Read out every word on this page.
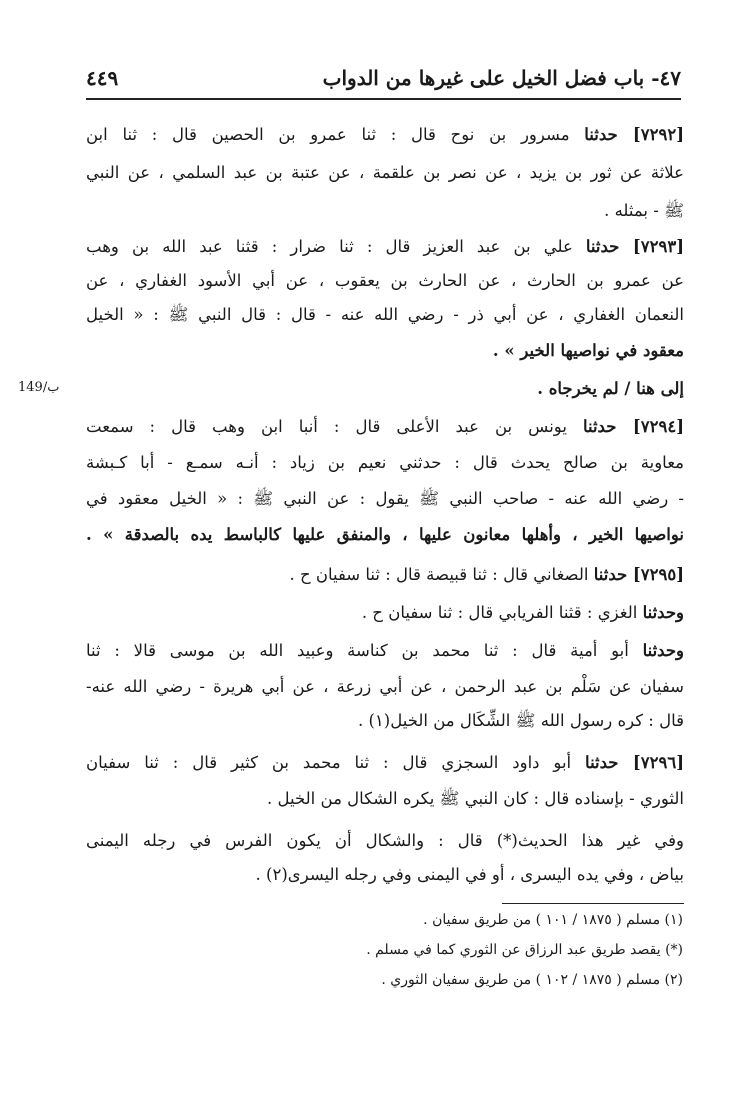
٤٧- باب فضل الخيل على غيرها من الدواب
٤٤٩
[٧٢٩٢] حدثنا مسرور بن نوح قال : ثنا عمرو بن الحصين قال : ثنا ابن
علاثة عن ثور بن يزيد ، عن نصر بن علقمة ، عن عتبة بن عبد السلمي ، عن النبي
ﷺ - بمثله .
[٧٢٩٣] حدثنا علي بن عبد العزيز قال : ثنا ضرار : قثنا عبد الله بن وهب
عن عمرو بن الحارث ، عن الحارث بن يعقوب ، عن أبي الأسود الغفاري ، عن
النعمان الغفاري ، عن أبي ذر - رضي الله عنه - قال : قال النبي ﷺ : « الخيل
معقود في نواصيها الخير » .
إلى هنا / لم يخرجاه .
149/ب
[٧٢٩٤] حدثنا يونس بن عبد الأعلى قال : أنبا ابن وهب قال : سمعت
معاوية بن صالح يحدث قال : حدثني نعيم بن زياد : أنـه سمـع - أبا كـبشة
- رضي الله عنه - صاحب النبي ﷺ يقول : عن النبي ﷺ : « الخيل معقود في
نواصيها الخير ، وأهلها معانون عليها ، والمنفق عليها كالباسط يده بالصدقة » .
[٧٢٩٥] حدثنا الصغاني قال : ثنا قبيصة قال : ثنا سفيان ح .
وحدثنا الغزي : قثنا الفريابي قال : ثنا سفيان ح .
وحدثنا أبو أمية قال : ثنا محمد بن كناسة وعبيد الله بن موسى قالا : ثنا
سفيان عن سَلْم بن عبد الرحمن ، عن أبي زرعة ، عن أبي هريرة - رضي الله عنه-
قال : كره رسول الله ﷺ الشِّكَال من الخيل(١) .
[٧٢٩٦] حدثنا أبو داود السجزي قال : ثنا محمد بن كثير قال : ثنا سفيان
الثوري - بإسناده قال : كان النبي ﷺ يكره الشكال من الخيل .
وفي غير هذا الحديث(*) قال : والشكال أن يكون الفرس في رجله اليمنى
بياض ، وفي يده اليسرى ، أو في اليمنى وفي رجله اليسرى(٢) .
(١) مسلم ( ١٨٧٥ / ١٠١ ) من طريق سفيان .
(*) يقصد طريق عبد الرزاق عن الثوري كما في مسلم .
(٢) مسلم ( ١٨٧٥ / ١٠٢ ) من طريق سفيان الثوري .
